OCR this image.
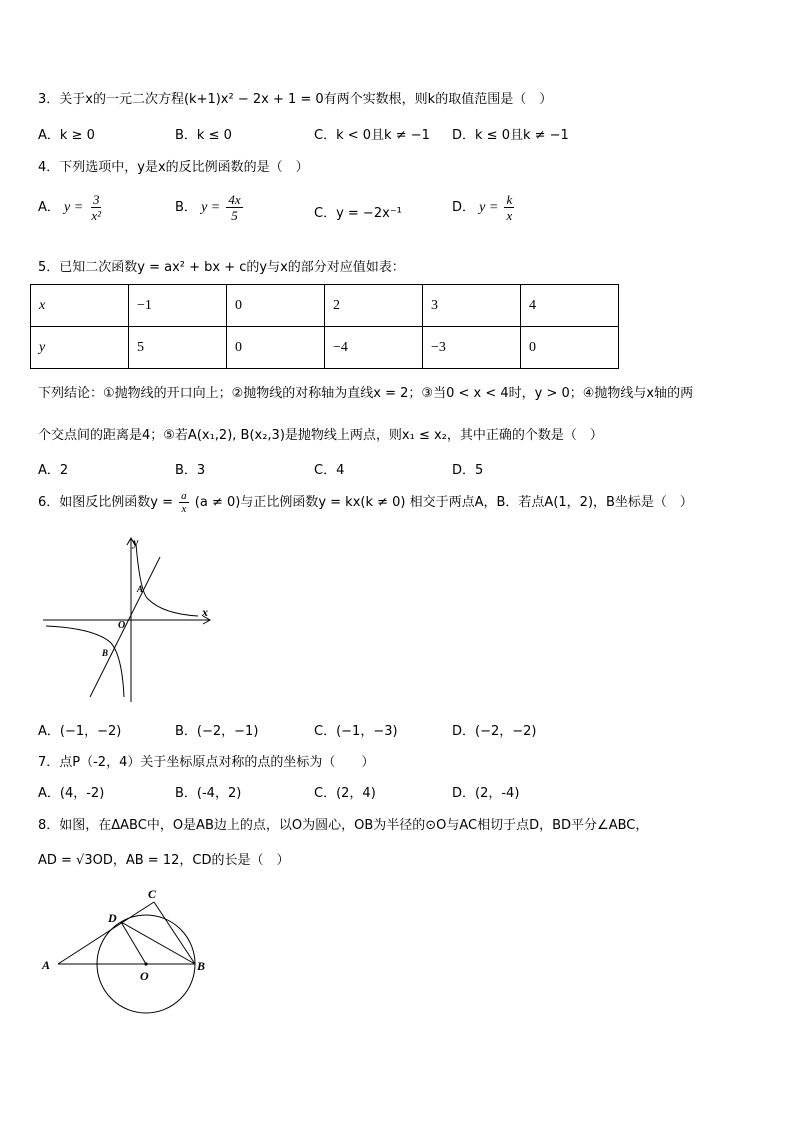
3．关于x的一元二次方程(k+1)x² − 2x + 1 = 0有两个实数根，则k的取值范围是（　）
A．k ≥ 0	B．k ≤ 0	C．k < 0且k ≠ −1 D．k ≤ 0且k ≠ −1
4．下列选项中，y是x的反比例函数的是（　）
A． $y = \frac{3}{\text{x²}}$	B． $y = \frac{4x}{5}$	C．y = −2x⁻¹	D． $y = \frac{k}{x}$
5．已知二次函数y = ax² + bx + c的y与x的部分对应值如表：
x	−1	0	2	3	4
y	5	0	−4	−3	0
下列结论：①抛物线的开口向上；②抛物线的对称轴为直线x = 2；③当0 < x < 4时，y > 0；④抛物线与x轴的两
个交点间的距离是4；⑤若A(x₁,2), B(x₂,3)是抛物线上两点，则x₁ ≤ x₂，其中正确的个数是（　）
A．2	B．3	C．4	D．5
6．如图反比例函数$y = \frac{a}{x} (a \ne 0)$与正比例函数y = kx(k ≠ 0) 相交于两点A，B．若点A(1，2)，B坐标是（　）
y
x
O
A
B
A．(−1，−2)	B．(−2，−1)	C．(−1，−3)	D．(−2，−2)
7．点P（-2，4）关于坐标原点对称的点的坐标为（　　）
A．(4，-2)	B．(-4，2)	C．(2，4)	D．(2，-4)
8．如图，在ΔABC中，O是AB边上的点，以O为圆心，OB为半径的⊙O与AC相切于点D，BD平分∠ABC，
AD = √3OD，AB = 12，CD的长是（　）
A	B
C
D
O
